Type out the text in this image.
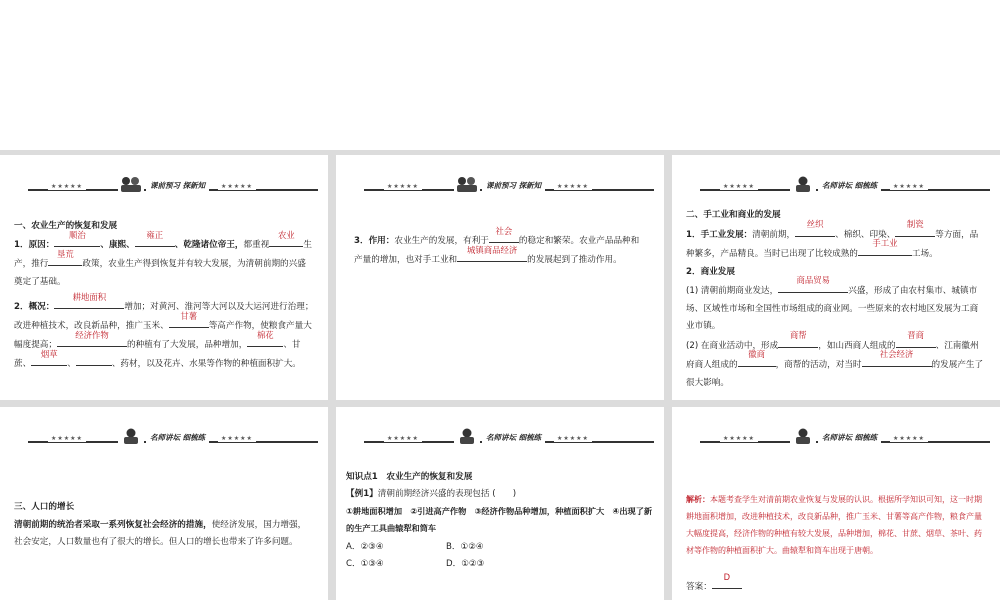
★★★★★	课前预习 探新知	★★★★★

一、农业生产的恢复和发展

1．原因：
顺治
、康熙、
雍正
、乾隆诸位帝王，都重视
农业
生产，推行
垦荒
政策，农业生产得到恢复并有较大发展，为清朝前期的兴盛奠定了基础。

2．概况：
耕地面积
增加；对黄河、淮河等大河以及大运河进行治理；改进种植技术，改良新品种，推广玉米、
甘薯
等高产作物，使粮食产量大幅度提高；
经济作物
的种植有了大发展，品种增加，
棉花
、甘蔗、
烟草
、	、药材，以及花卉、水果等作物的种植面积扩大。

★★★★★	课前预习 探新知	★★★★★

3．作用：农业生产的发展，有利于
社会
的稳定和繁荣。农业产品品种和产量的增加，也对手工业和
城镇商品经济
的发展起到了推动作用。

★★★★★	名师讲坛 细梳练	★★★★★

二、手工业和商业的发展

1．手工业发展：清朝前期，
丝织
、棉织、印染、
制瓷
等方面，品种繁多，产品精良。当时已出现了比较成熟的
手工业
工场。

2．商业发展

(1) 清朝前期商业发达，
商品贸易
兴盛，形成了由农村集市、城镇市场、区域性市场和全国性市场组成的商业网。一些原来的农村地区发展为工商业市镇。

(2) 在商业活动中，形成
商帮
，如山西商人组成的
晋商
、江南徽州府商人组成的
徽商
，商帮的活动，对当时
社会经济
的发展产生了很大影响。

★★★★★	名师讲坛 细梳练	★★★★★

三、人口的增长

清朝前期的统治者采取一系列恢复社会经济的措施，使经济发展，国力增强，社会安定，人口数量也有了很大的增长。但人口的增长也带来了许多问题。

★★★★★	名师讲坛 细梳练	★★★★★

知识点1　农业生产的恢复和发展

【例1】清朝前期经济兴盛的表现包括 (　　)

①耕地面积增加　②引进高产作物　③经济作物品种增加，种植面积扩大　④出现了新的生产工具曲辕犁和筒车

A．②③④	B．①②④
C．①③④	D．①②③
★★★★★	名师讲坛 细梳练	★★★★★

解析：本题考查学生对清前期农业恢复与发展的认识。根据所学知识可知，这一时期耕地面积增加，改进种植技术，改良新品种，推广玉米、甘薯等高产作物，粮食产量大幅度提高，经济作物的种植有较大发展，品种增加，棉花、甘蔗、烟草、茶叶、药材等作物的种植面积扩大。曲辕犁和筒车出现于唐朝。

答案：
D
